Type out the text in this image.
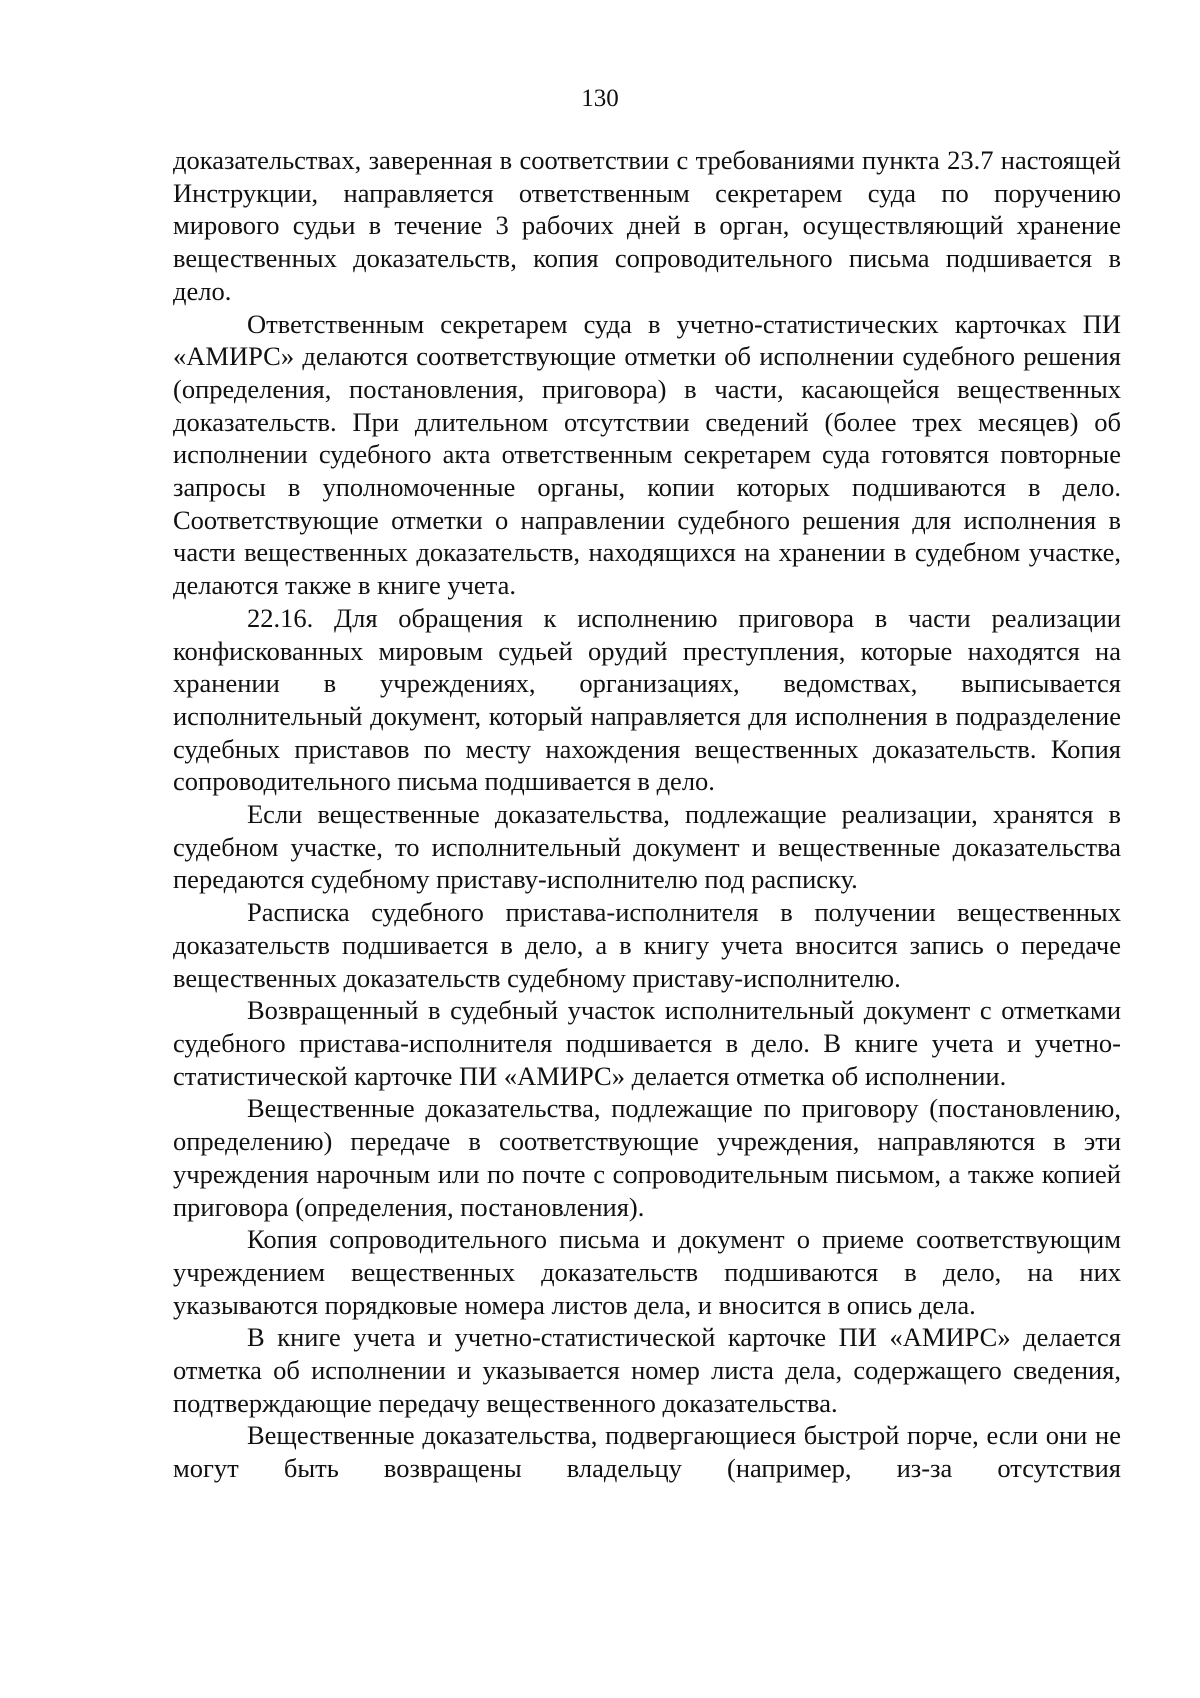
130

доказательствах, заверенная в соответствии с требованиями пункта 23.7 настоящей Инструкции, направляется ответственным секретарем суда по поручению мирового судьи в течение 3 рабочих дней в орган, осуществляющий хранение вещественных доказательств, копия сопроводительного письма подшивается в дело.

Ответственным секретарем суда в учетно-статистических карточках ПИ «АМИРС» делаются соответствующие отметки об исполнении судебного решения (определения, постановления, приговора) в части, касающейся вещественных доказательств. При длительном отсутствии сведений (более трех месяцев) об исполнении судебного акта ответственным секретарем суда готовятся повторные запросы в уполномоченные органы, копии которых подшиваются в дело. Соответствующие отметки о направлении судебного решения для исполнения в части вещественных доказательств, находящихся на хранении в судебном участке, делаются также в книге учета.

22.16. Для обращения к исполнению приговора в части реализации конфискованных мировым судьей орудий преступления, которые находятся на хранении в учреждениях, организациях, ведомствах, выписывается исполнительный документ, который направляется для исполнения в подразделение судебных приставов по месту нахождения вещественных доказательств. Копия сопроводительного письма подшивается в дело.

Если вещественные доказательства, подлежащие реализации, хранятся в судебном участке, то исполнительный документ и вещественные доказательства передаются судебному приставу-исполнителю под расписку.

Расписка судебного пристава-исполнителя в получении вещественных доказательств подшивается в дело, а в книгу учета вносится запись о передаче вещественных доказательств судебному приставу-исполнителю.

Возвращенный в судебный участок исполнительный документ с отметками судебного пристава-исполнителя подшивается в дело. В книге учета и учетно-статистической карточке ПИ «АМИРС» делается отметка об исполнении.

Вещественные доказательства, подлежащие по приговору (постановлению, определению) передаче в соответствующие учреждения, направляются в эти учреждения нарочным или по почте с сопроводительным письмом, а также копией приговора (определения, постановления).

Копия сопроводительного письма и документ о приеме соответствующим учреждением вещественных доказательств подшиваются в дело, на них указываются порядковые номера листов дела, и вносится в опись дела.

В книге учета и учетно-статистической карточке ПИ «АМИРС» делается отметка об исполнении и указывается номер листа дела, содержащего сведения, подтверждающие передачу вещественного доказательства.

Вещественные доказательства, подвергающиеся быстрой порче, если они не могут быть возвращены владельцу (например, из-за отсутствия
